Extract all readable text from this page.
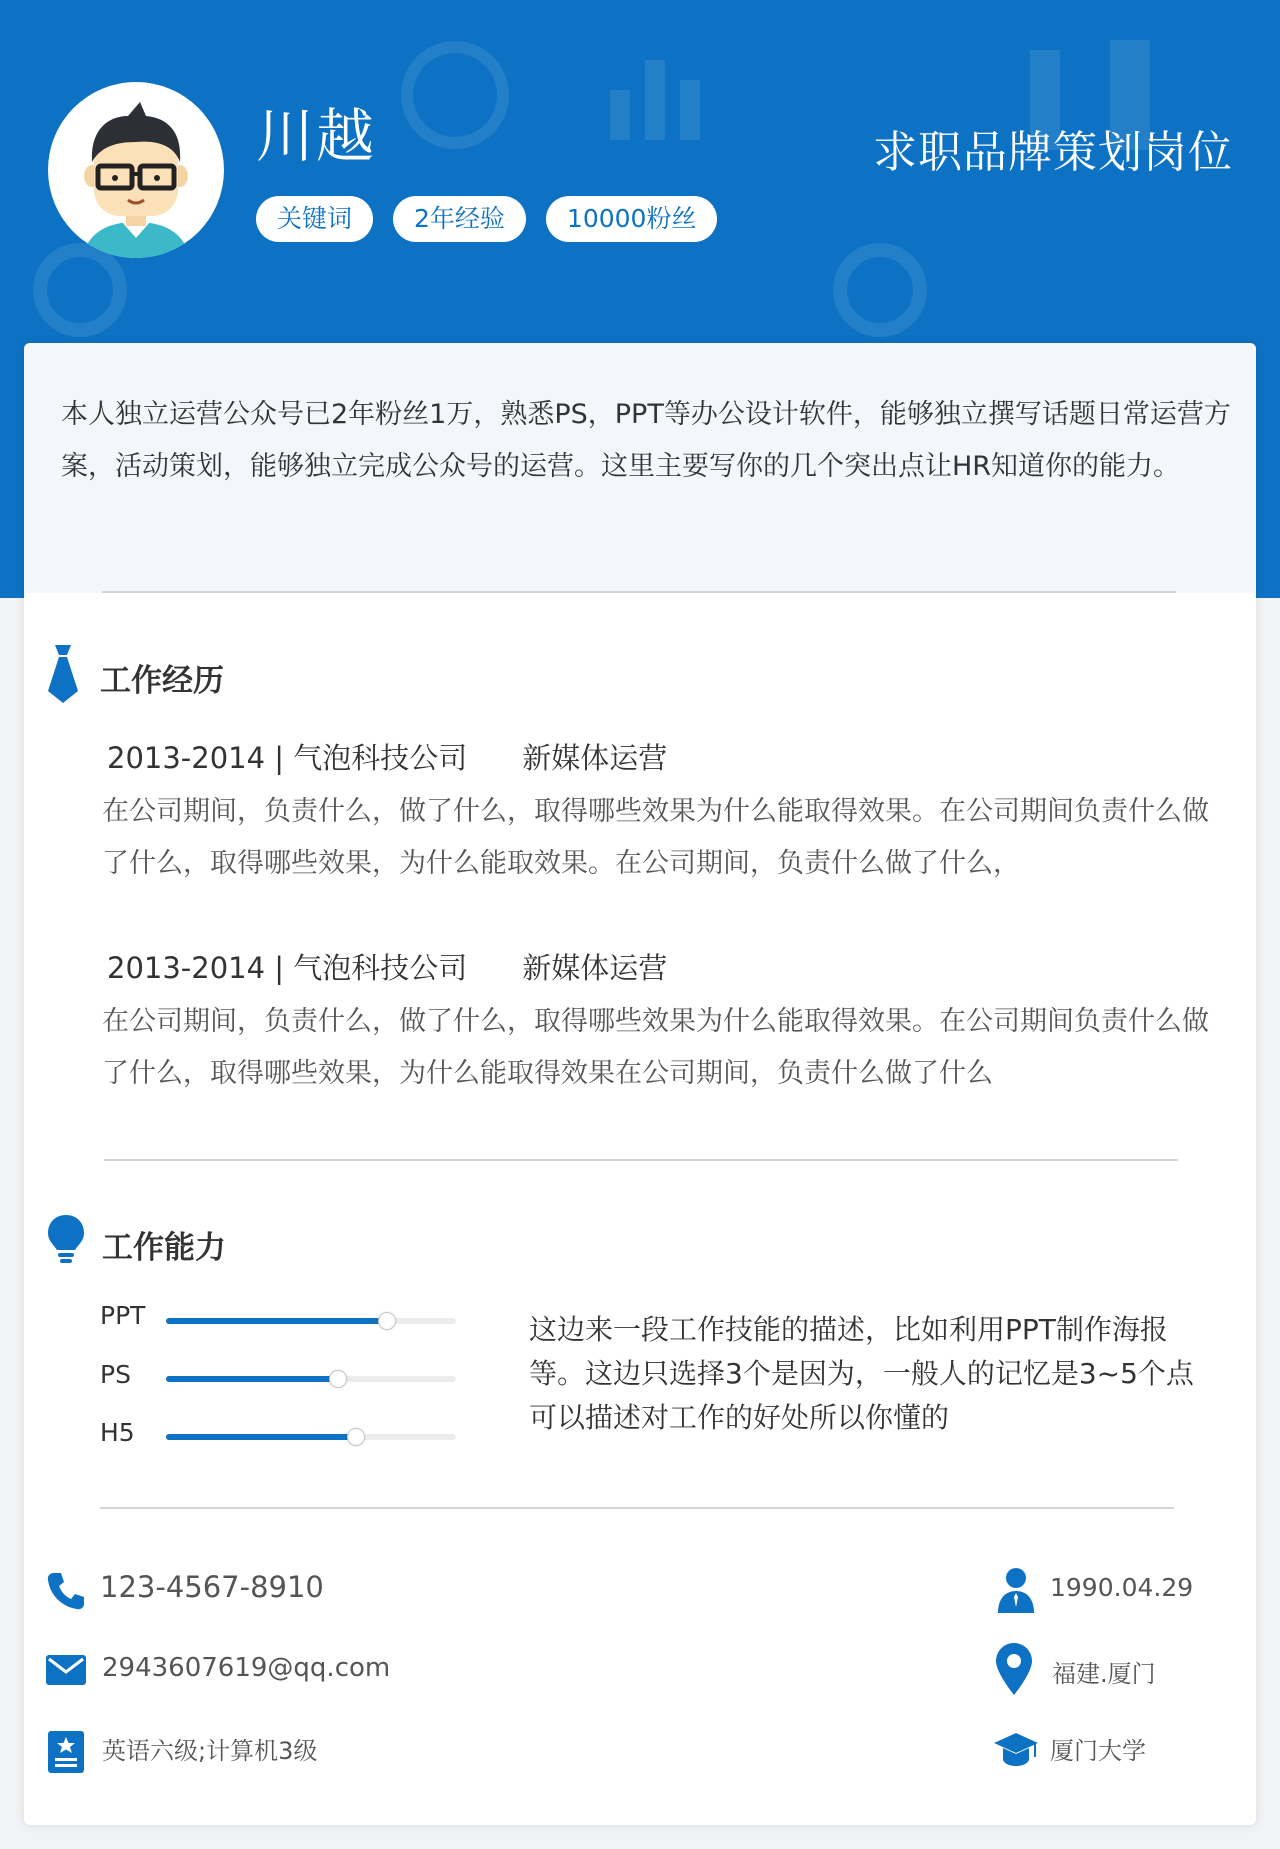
川越
关键词	2年经验	10000粉丝
求职品牌策划岗位
本人独立运营公众号已2年粉丝1万，熟悉PS，PPT等办公设计软件，能够独立撰写话题日常运营方案，活动策划，能够独立完成公众号的运营。这里主要写你的几个突出点让HR知道你的能力。
工作经历
2013-2014 | 气泡科技公司 新媒体运营
在公司期间，负责什么，做了什么，取得哪些效果为什么能取得效果。在公司期间负责什么做了什么，取得哪些效果，为什么能取效果。在公司期间，负责什么做了什么，
2013-2014 | 气泡科技公司 新媒体运营
在公司期间，负责什么，做了什么，取得哪些效果为什么能取得效果。在公司期间负责什么做了什么，取得哪些效果，为什么能取得效果在公司期间，负责什么做了什么
工作能力
PPT
PS
H5
这边来一段工作技能的描述，比如利用PPT制作海报等。这边只选择3个是因为，一般人的记忆是3~5个点可以描述对工作的好处所以你懂的
123-4567-8910
2943607619@qq.com
英语六级;计算机3级
1990.04.29
福建.厦门
厦门大学
